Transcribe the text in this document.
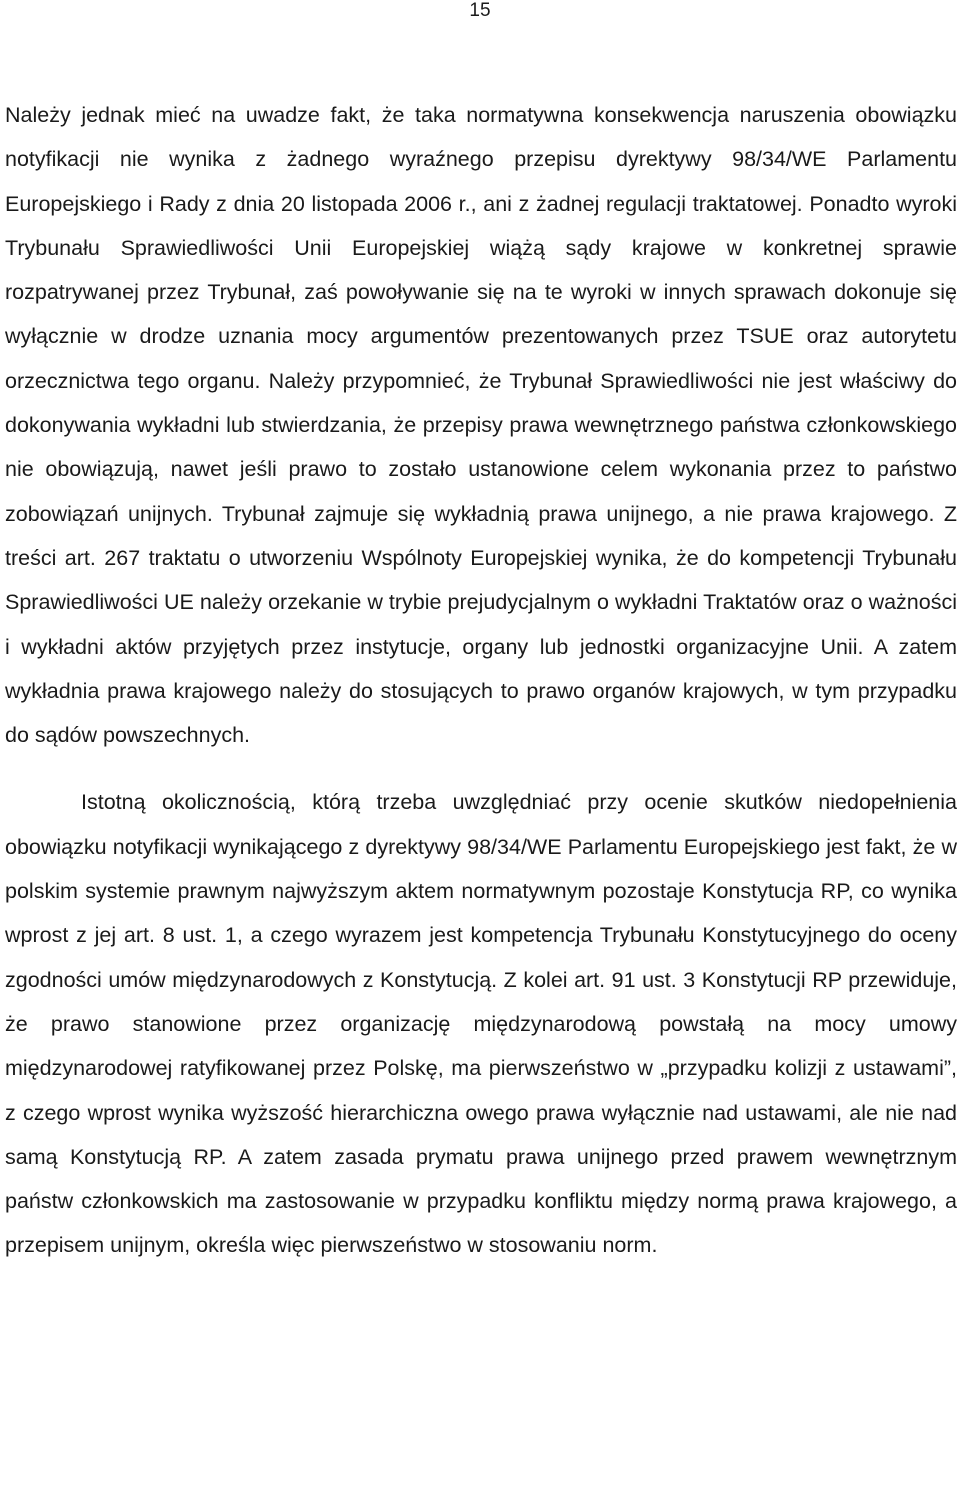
15

Należy jednak mieć na uwadze fakt, że taka normatywna konsekwencja naruszenia obowiązku notyfikacji nie wynika z żadnego wyraźnego przepisu dyrektywy 98/34/WE Parlamentu Europejskiego i Rady z dnia 20 listopada 2006 r., ani z żadnej regulacji traktatowej. Ponadto wyroki Trybunału Sprawiedliwości Unii Europejskiej wiążą sądy krajowe w konkretnej sprawie rozpatrywanej przez Trybunał, zaś powoływanie się na te wyroki w innych sprawach dokonuje się wyłącznie w drodze uznania mocy argumentów prezentowanych przez TSUE oraz autorytetu orzecznictwa tego organu. Należy przypomnieć, że Trybunał Sprawiedliwości nie jest właściwy do dokonywania wykładni lub stwierdzania, że przepisy prawa wewnętrznego państwa członkowskiego nie obowiązują, nawet jeśli prawo to zostało ustanowione celem wykonania przez to państwo zobowiązań unijnych. Trybunał zajmuje się wykładnią prawa unijnego, a nie prawa krajowego. Z treści art. 267 traktatu o utworzeniu Wspólnoty Europejskiej wynika, że do kompetencji Trybunału Sprawiedliwości UE należy orzekanie w trybie prejudycjalnym o wykładni Traktatów oraz o ważności i wykładni aktów przyjętych przez instytucje, organy lub jednostki organizacyjne Unii. A zatem wykładnia prawa krajowego należy do stosujących to prawo organów krajowych, w tym przypadku do sądów powszechnych.

Istotną okolicznością, którą trzeba uwzględniać przy ocenie skutków niedopełnienia obowiązku notyfikacji wynikającego z dyrektywy 98/34/WE Parlamentu Europejskiego jest fakt, że w polskim systemie prawnym najwyższym aktem normatywnym pozostaje Konstytucja RP, co wynika wprost z jej art. 8 ust. 1, a czego wyrazem jest kompetencja Trybunału Konstytucyjnego do oceny zgodności umów międzynarodowych z Konstytucją. Z kolei art. 91 ust. 3 Konstytucji RP przewiduje, że prawo stanowione przez organizację międzynarodową powstałą na mocy umowy międzynarodowej ratyfikowanej przez Polskę, ma pierwszeństwo w „przypadku kolizji z ustawami”, z czego wprost wynika wyższość hierarchiczna owego prawa wyłącznie nad ustawami, ale nie nad samą Konstytucją RP. A zatem zasada prymatu prawa unijnego przed prawem wewnętrznym państw członkowskich ma zastosowanie w przypadku konfliktu między normą prawa krajowego, a przepisem unijnym, określa więc pierwszeństwo w stosowaniu norm.
